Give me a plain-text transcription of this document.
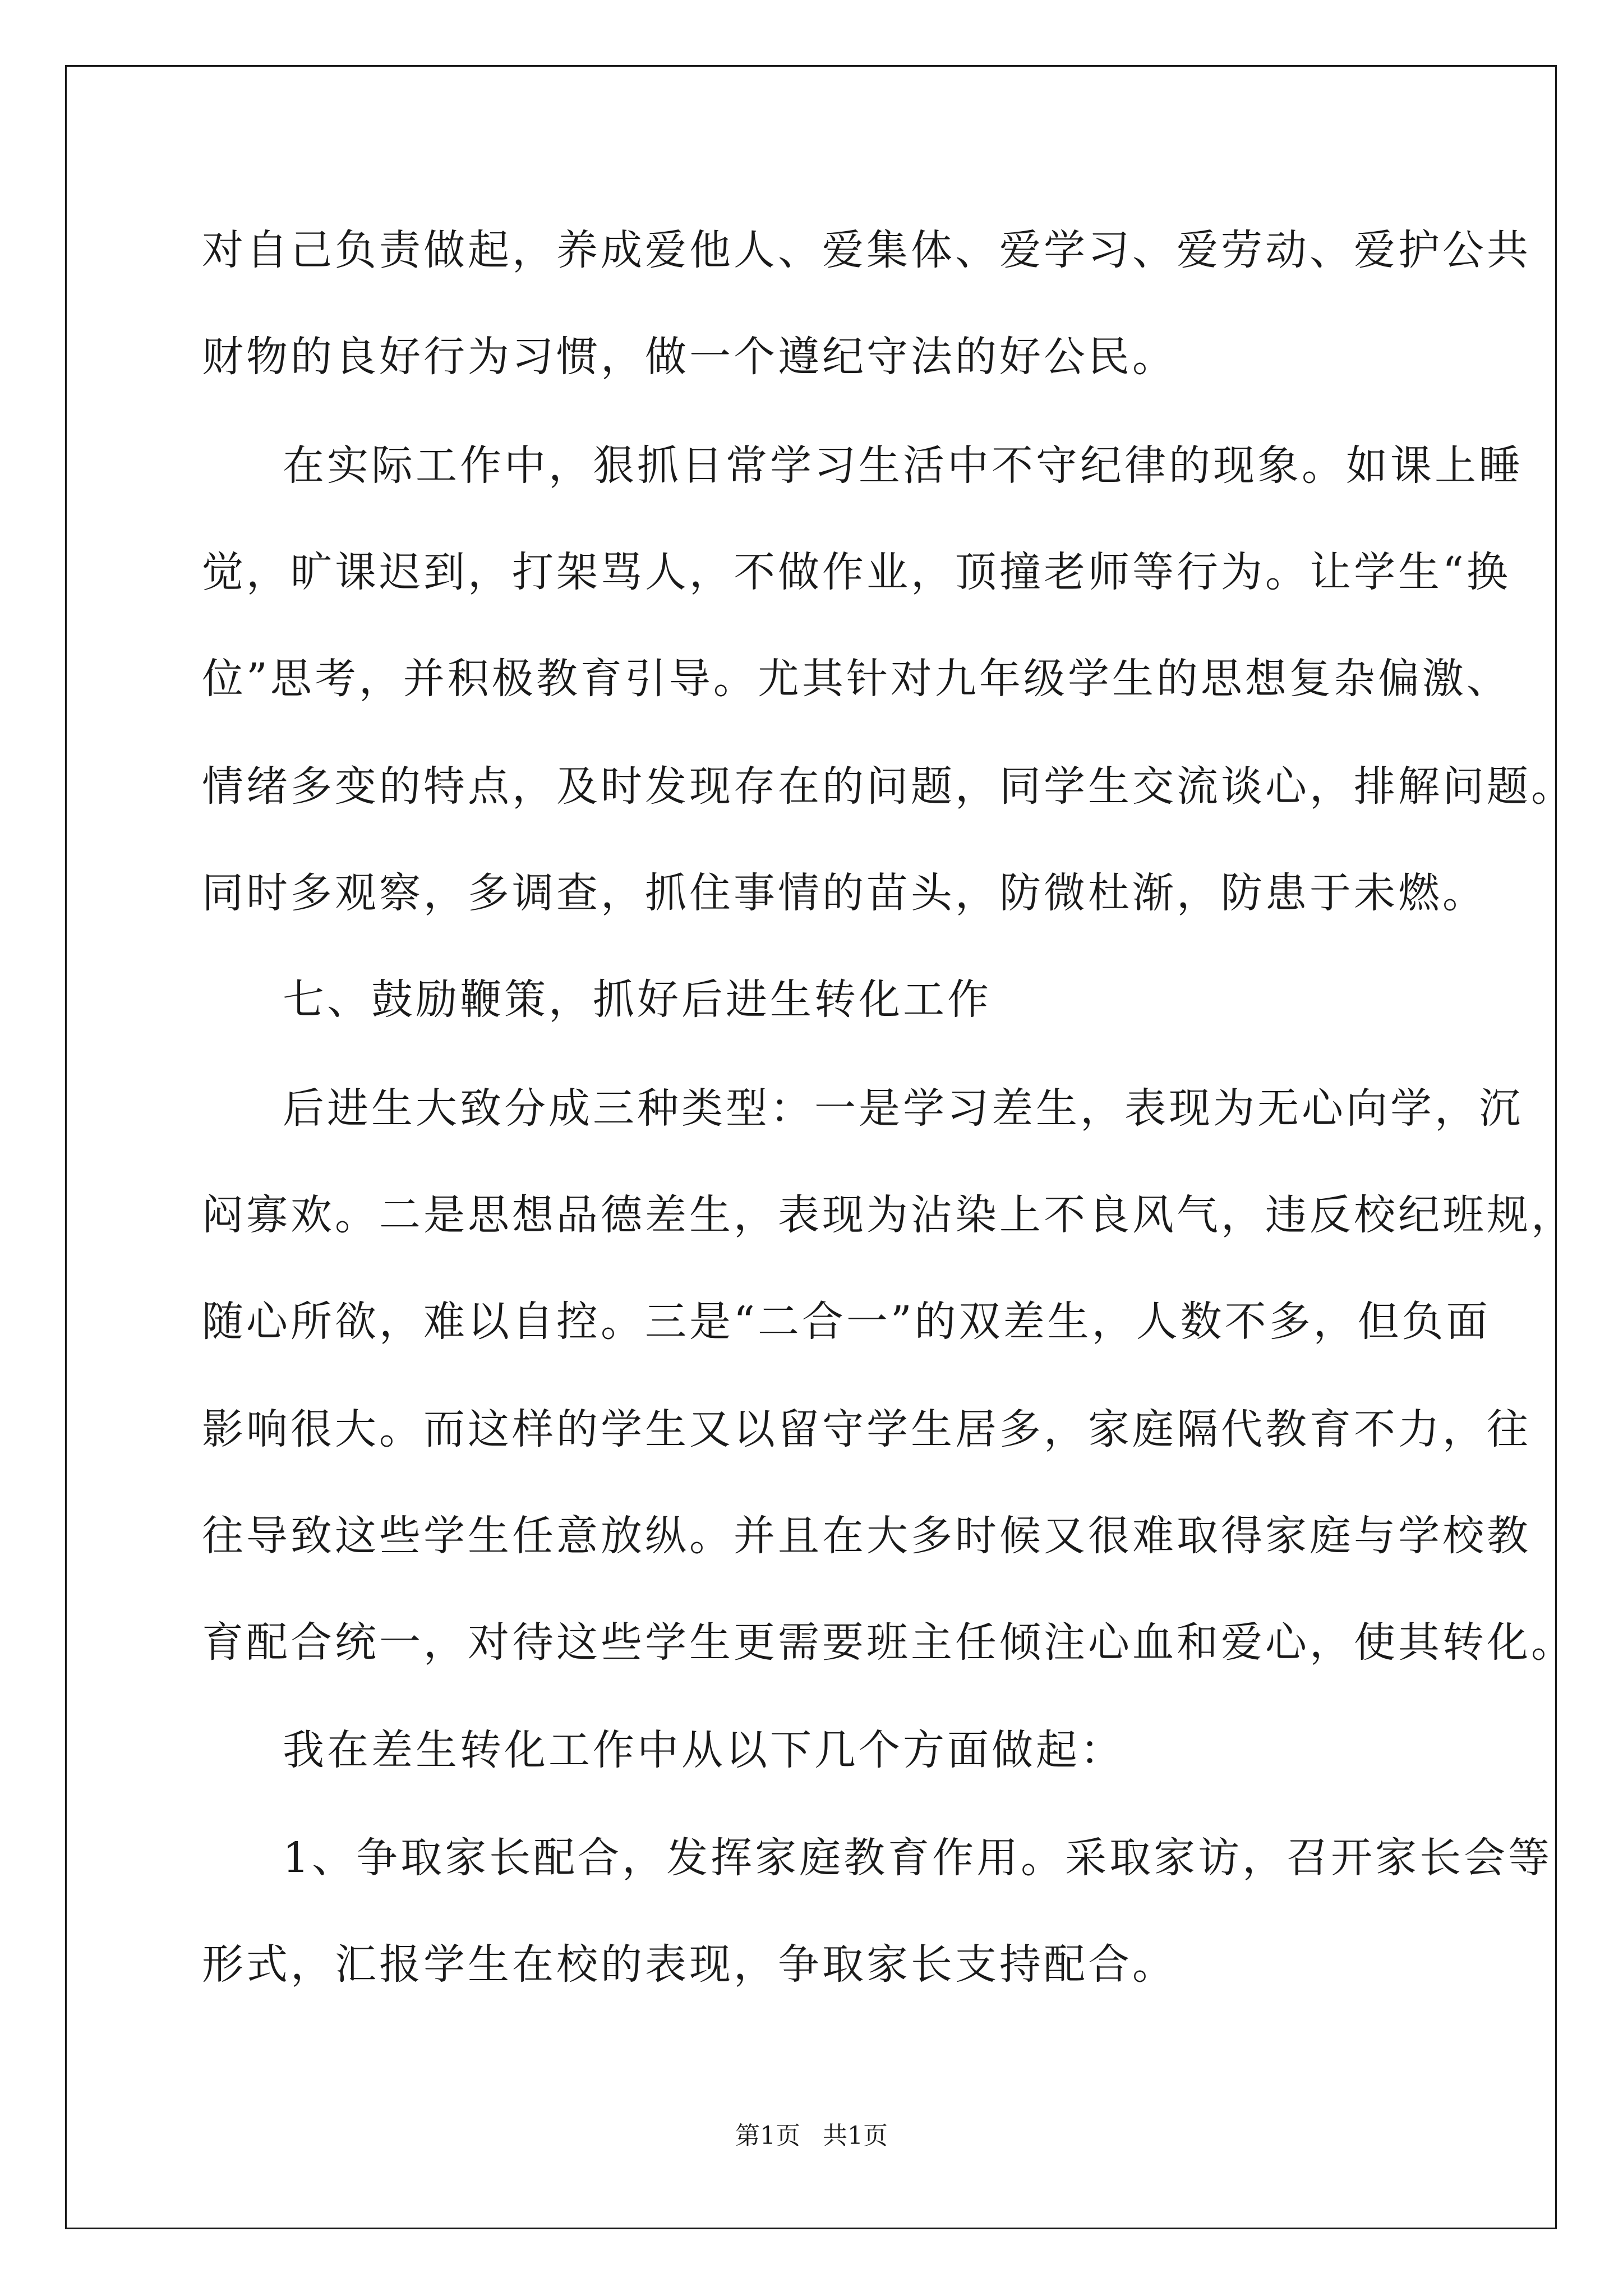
对自己负责做起，养成爱他人、爱集体、爱学习、爱劳动、爱护公共
财物的良好行为习惯，做一个遵纪守法的好公民。
在实际工作中，狠抓日常学习生活中不守纪律的现象。如课上睡
觉，旷课迟到，打架骂人，不做作业，顶撞老师等行为。让学生“换
位”思考，并积极教育引导。尤其针对九年级学生的思想复杂偏激、
情绪多变的特点，及时发现存在的问题，同学生交流谈心，排解问题。
同时多观察，多调查，抓住事情的苗头，防微杜渐，防患于未燃。
七、鼓励鞭策，抓好后进生转化工作
后进生大致分成三种类型：一是学习差生，表现为无心向学，沉
闷寡欢。二是思想品德差生，表现为沾染上不良风气，违反校纪班规，
随心所欲，难以自控。三是“二合一”的双差生，人数不多，但负面
影响很大。而这样的学生又以留守学生居多，家庭隔代教育不力，往
往导致这些学生任意放纵。并且在大多时候又很难取得家庭与学校教
育配合统一，对待这些学生更需要班主任倾注心血和爱心，使其转化。
我在差生转化工作中从以下几个方面做起：
1、争取家长配合，发挥家庭教育作用。采取家访，召开家长会等
形式，汇报学生在校的表现，争取家长支持配合。
第1页 共1页
